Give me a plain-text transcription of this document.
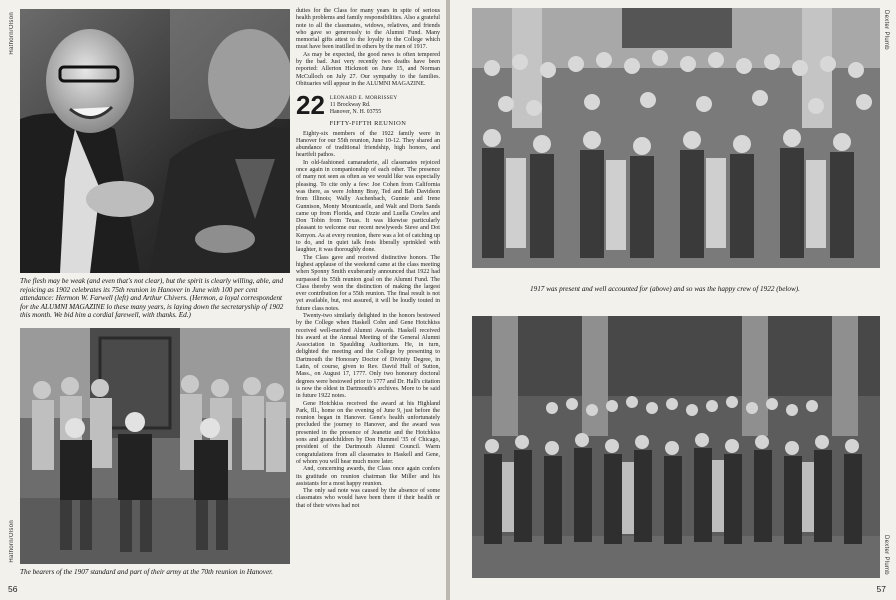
Hathorn/Olson
The flesh may be weak (and even that's not clear), but the spirit is clearly willing, able, and rejoicing as 1902 celebrates its 75th reunion in Hanover in June with 100 per cent attendance: Hermon W. Farwell (left) and Arthur Chivers. (Hermon, a loyal correspondent for the ALUMNI MAGAZINE lo these many years, is laying down the secretaryship of 1902 this month. We bid him a cordial farewell, with thanks. Ed.)
Hathorn/Olson
The bearers of the 1907 standard and part of their army at the 70th reunion in Hanover.

duties for the Class for many years in spite of serious health problems and family responsibilities. Also a grateful note to all the classmates, widows, relatives, and friends who gave so generously to the Alumni Fund. Many memorial gifts attest to the loyalty to the College which must have been instilled in others by the men of 1917.

As may be expected, the good news is often tempered by the bad. Just very recently two deaths have been reported: Allerton Hickmott on June 15, and Norman McCulloch on July 27. Our sympathy to the families. Obituaries will appear in the ALUMNI MAGAZINE.

22 LEONARD E. MORRISSEY
11 Brockway Rd.
Hanover, N. H. 03755
FIFTY-FIFTH REUNION

Eighty-six members of the 1922 family were in Hanover for our 55th reunion, June 10-12. They shared an abundance of traditional friendship, high honors, and heartfelt pathos.

In old-fashioned camaraderie, all classmates rejoiced once again in companionship of each other. The presence of many not seen as often as we would like was especially pleasing. To cite only a few: Joe Cohen from California was there, as were Johnny Bray, Ted and Bab Davidson from Illinois; Wally Aschenbach, Gunnie and Irene Gunnison, Monty Mountcastle, and Walt and Doris Sands came up from Florida, and Ozzie and Luella Cowles and Don Tobin from Texas. It was likewise particularly pleasant to welcome our recent newlyweds Steve and Dot Kenyon. As at every reunion, there was a lot of catching up to do, and in quiet talk fests liberally sprinkled with laughter, it was thoroughly done.

The Class gave and received distinctive honors. The highest applause of the weekend came at the class meeting when Sponny Smith exuberantly announced that 1922 had surpassed its 55th reunion goal on the Alumni Fund. The Class thereby won the distinction of making the largest ever contribution for a 55th reunion. The final result is not yet available, but, rest assured, it will be loudly touted in future class notes.

Twenty-two similarly delighted in the honors bestowed by the College when Haskell Cohn and Gene Hotchkiss received well-merited Alumni Awards. Haskell received his award at the Annual Meeting of the General Alumni Association in Spaulding Auditorium. He, in turn, delighted the meeting and the College by presenting to Dartmouth the Honorary Doctor of Divinity Degree, in Latin, of course, given to Rev. David Hull of Sutton, Mass., on August 17, 1777. Only two honorary doctoral degrees were bestowed prior to 1777 and Dr. Hall's citation is now the oldest in Dartmouth's archives. More to be said in future 1922 notes.

Gene Hotchkiss received the award at his Highland Park, Ill., home on the evening of June 9, just before the reunion began in Hanover. Gene's health unfortunately precluded the journey to Hanover, and the award was presented in the presence of Jeanette and the Hotchkiss sons and grandchildren by Don Hummel '35 of Chicago, president of the Dartmouth Alumni Council. Warm congratulations from all classmates to Haskell and Gene, of whom you will hear much more later.

And, concerning awards, the Class once again confers its gratitude on reunion chairman Ike Miller and his assistants for a most happy reunion.

The only sad note was caused by the absence of some classmates who would have been there if their health or that of their wives had not

56
Dexter Plumb
1917 was present and well accounted for (above) and so was the happy crew of 1922 (below).
Dexter Plumb
57
